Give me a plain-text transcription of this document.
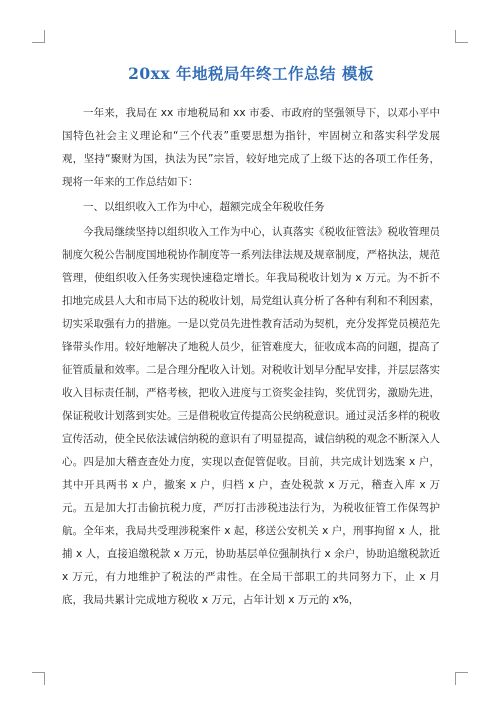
20xx 年地税局年终工作总结 模板

一年来，我局在 xx 市地税局和 xx 市委、市政府的坚强领导下，以邓小平中国特色社会主义理论和“三个代表”重要思想为指针，牢固树立和落实科学发展观，坚持“聚财为国，执法为民”宗旨，较好地完成了上级下达的各项工作任务，现将一年来的工作总结如下：

一、以组织收入工作为中心，超额完成全年税收任务

今我局继续坚持以组织收入工作为中心，认真落实《税收征管法》税收管理员制度欠税公告制度国地税协作制度等一系列法律法规及规章制度，严格执法，规范管理，使组织收入任务实现快速稳定增长。年我局税收计划为 x 万元。为不折不扣地完成县人大和市局下达的税收计划，局党组认真分析了各种有利和不利因素，切实采取强有力的措施。一是以党员先进性教育活动为契机，充分发挥党员模范先锋带头作用。较好地解决了地税人员少，征管难度大，征收成本高的问题，提高了征管质量和效率。二是合理分配收入计划。对税收计划早分配早安排，并层层落实收入目标责任制，严格考核，把收入进度与工资奖金挂钩，奖优罚劣，激励先进，保证税收计划落到实处。三是借税收宣传提高公民纳税意识。通过灵活多样的税收宣传活动，使全民依法诚信纳税的意识有了明显提高，诚信纳税的观念不断深入人心。四是加大稽查查处力度，实现以查促管促收。目前，共完成计划选案 x 户，其中开具两书 x 户，撤案 x 户，归档 x 户，查处税款 x 万元，稽查入库 x 万元。五是加大打击偷抗税力度，严厉打击涉税违法行为，为税收征管工作保驾护航。全年来，我局共受理涉税案件 x 起，移送公安机关 x 户，刑事拘留 x 人，批捕 x 人，直接追缴税款 x 万元，协助基层单位强制执行 x 余户，协助追缴税款近 x 万元，有力地维护了税法的严肃性。在全局干部职工的共同努力下，止 x 月底，我局共累计完成地方税收 x 万元，占年计划 x 万元的 x%，
